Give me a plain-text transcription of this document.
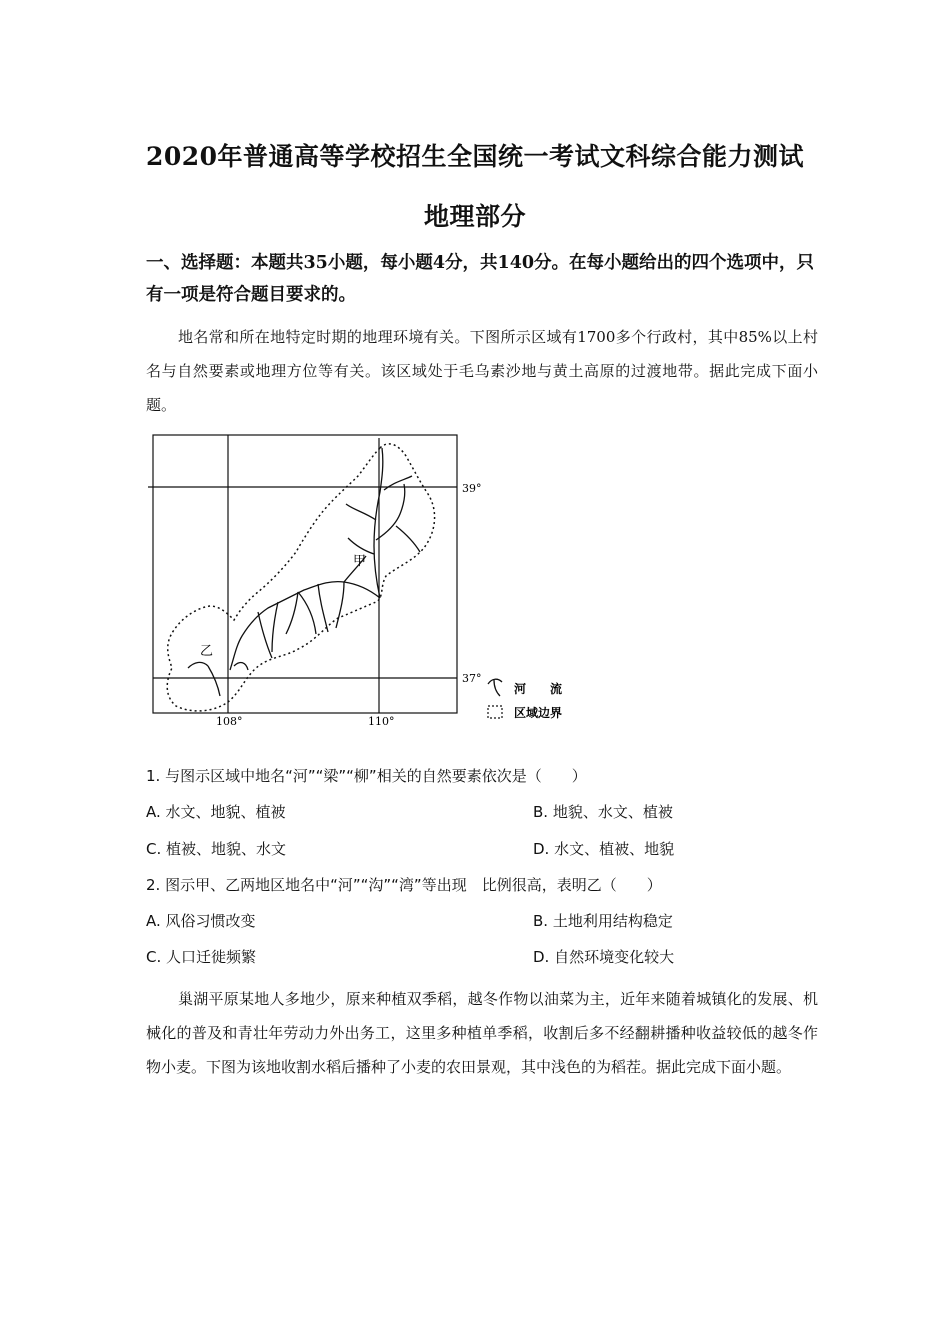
2020年普通高等学校招生全国统一考试文科综合能力测试
地理部分
一、选择题：本题共35小题，每小题4分，共140分。在每小题给出的四个选项中，只有一项是符合题目要求的。
地名常和所在地特定时期的地理环境有关。下图所示区域有1700多个行政村，其中85%以上村名与自然要素或地理方位等有关。该区域处于毛乌素沙地与黄土高原的过渡地带。据此完成下面小题。
甲
乙
39°
37°
108°	110°
河　　流
区域边界
1. 与图示区域中地名“河”“梁”“柳”相关的自然要素依次是（　　）
A. 水文、地貌、植被	B. 地貌、水文、植被
C. 植被、地貌、水文	D. 水文、植被、地貌
2. 图示甲、乙两地区地名中“河”“沟”“湾”等出现　比例很高，表明乙（　　）
A. 风俗习惯改变	B. 土地利用结构稳定
C. 人口迁徙频繁	D. 自然环境变化较大
巢湖平原某地人多地少，原来种植双季稻，越冬作物以油菜为主，近年来随着城镇化的发展、机械化的普及和青壮年劳动力外出务工，这里多种植单季稻，收割后多不经翻耕播种收益较低的越冬作物小麦。下图为该地收割水稻后播种了小麦的农田景观，其中浅色的为稻茬。据此完成下面小题。
